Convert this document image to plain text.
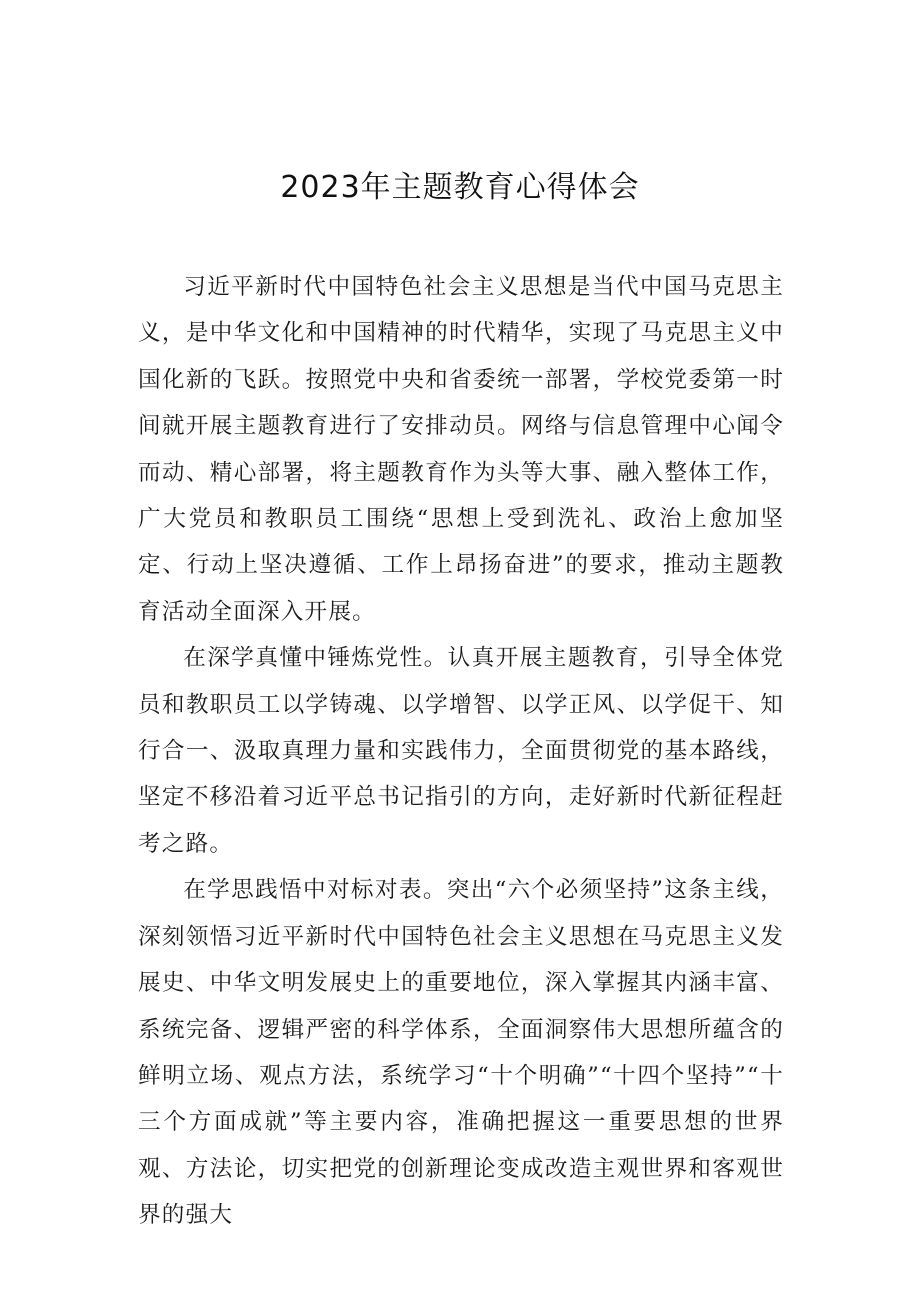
2023年主题教育心得体会

习近平新时代中国特色社会主义思想是当代中国马克思主义，是中华文化和中国精神的时代精华，实现了马克思主义中国化新的飞跃。按照党中央和省委统一部署，学校党委第一时间就开展主题教育进行了安排动员。网络与信息管理中心闻令而动、精心部署，将主题教育作为头等大事、融入整体工作，广大党员和教职员工围绕“思想上受到洗礼、政治上愈加坚定、行动上坚决遵循、工作上昂扬奋进”的要求，推动主题教育活动全面深入开展。

在深学真懂中锤炼党性。认真开展主题教育，引导全体党员和教职员工以学铸魂、以学增智、以学正风、以学促干、知行合一、汲取真理力量和实践伟力，全面贯彻党的基本路线，坚定不移沿着习近平总书记指引的方向，走好新时代新征程赶考之路。

在学思践悟中对标对表。突出“六个必须坚持”这条主线，深刻领悟习近平新时代中国特色社会主义思想在马克思主义发展史、中华文明发展史上的重要地位，深入掌握其内涵丰富、系统完备、逻辑严密的科学体系，全面洞察伟大思想所蕴含的鲜明立场、观点方法，系统学习“十个明确”“十四个坚持”“十三个方面成就”等主要内容，准确把握这一重要思想的世界观、方法论，切实把党的创新理论变成改造主观世界和客观世界的强大
